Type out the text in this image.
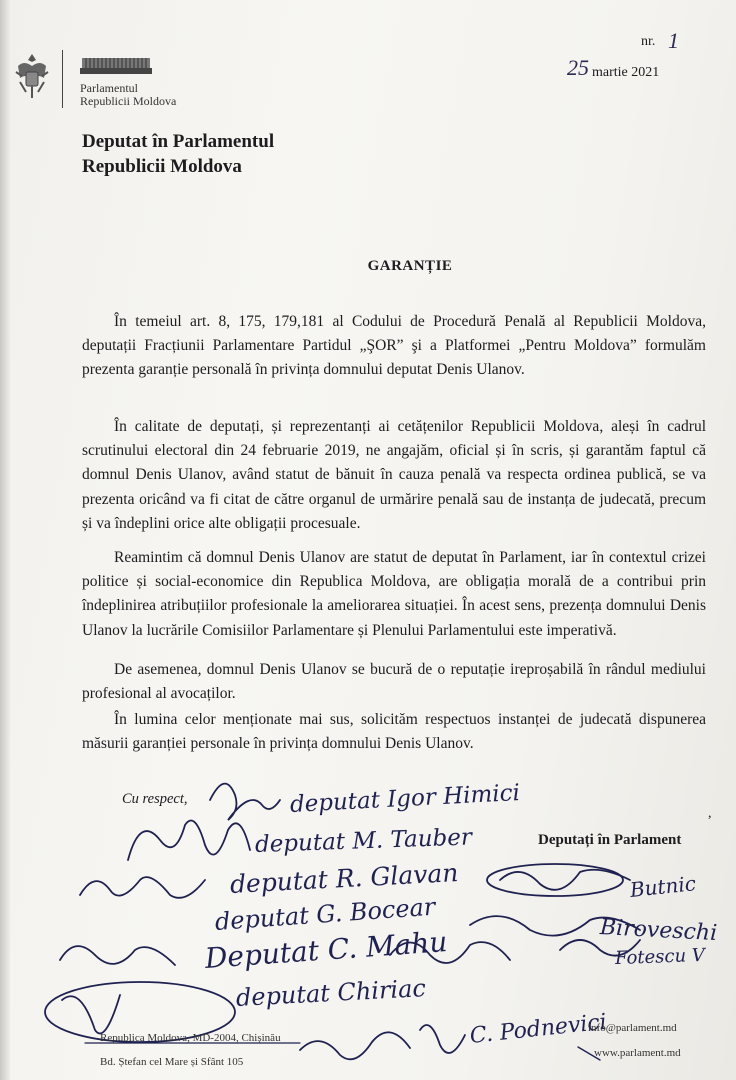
Parlamentul
Republicii Moldova
nr. 1
25 martie 2021
Deputat în Parlamentul
Republicii Moldova
GARANȚIE
În temeiul art. 8, 175, 179,181 al Codului de Procedură Penală al Republicii Moldova, deputații Fracțiunii Parlamentare Partidul „ŞOR” şi a Platformei „Pentru Moldova” formulăm prezenta garanție personală în privința domnului deputat Denis Ulanov.
În calitate de deputați, și reprezentanți ai cetățenilor Republicii Moldova, aleși în cadrul scrutinului electoral din 24 februarie 2019, ne angajăm, oficial și în scris, și garantăm faptul că domnul Denis Ulanov, având statut de bănuit în cauza penală va respecta ordinea publică, se va prezenta oricând va fi citat de către organul de urmărire penală sau de instanța de judecată, precum și va îndeplini orice alte obligații procesuale.
Reamintim că domnul Denis Ulanov are statut de deputat în Parlament, iar în contextul crizei politice și social-economice din Republica Moldova, are obligația morală de a contribui prin îndeplinirea atribuțiilor profesionale la ameliorarea situației. În acest sens, prezența domnului Denis Ulanov la lucrările Comisiilor Parlamentare și Plenului Parlamentului este imperativă.
De asemenea, domnul Denis Ulanov se bucură de o reputație ireproșabilă în rândul mediului profesional al avocaților.
În lumina celor menționate mai sus, solicităm respectuos instanței de judecată dispunerea măsurii garanției personale în privința domnului Denis Ulanov.
Cu respect,
,
Deputați în Parlament
deputat Igor Himici
deputat M. Tauber
deputat R. Glavan
deputat G. Bocear
Deputat C. Mahu	Biroveschi
Fotescu V
Butnic
deputat Chiriac
C. Podnevici
Republica Moldova, MD-2004, Chișinău
Bd. Ștefan cel Mare și Sfânt 105
info@parlament.md
www.parlament.md
